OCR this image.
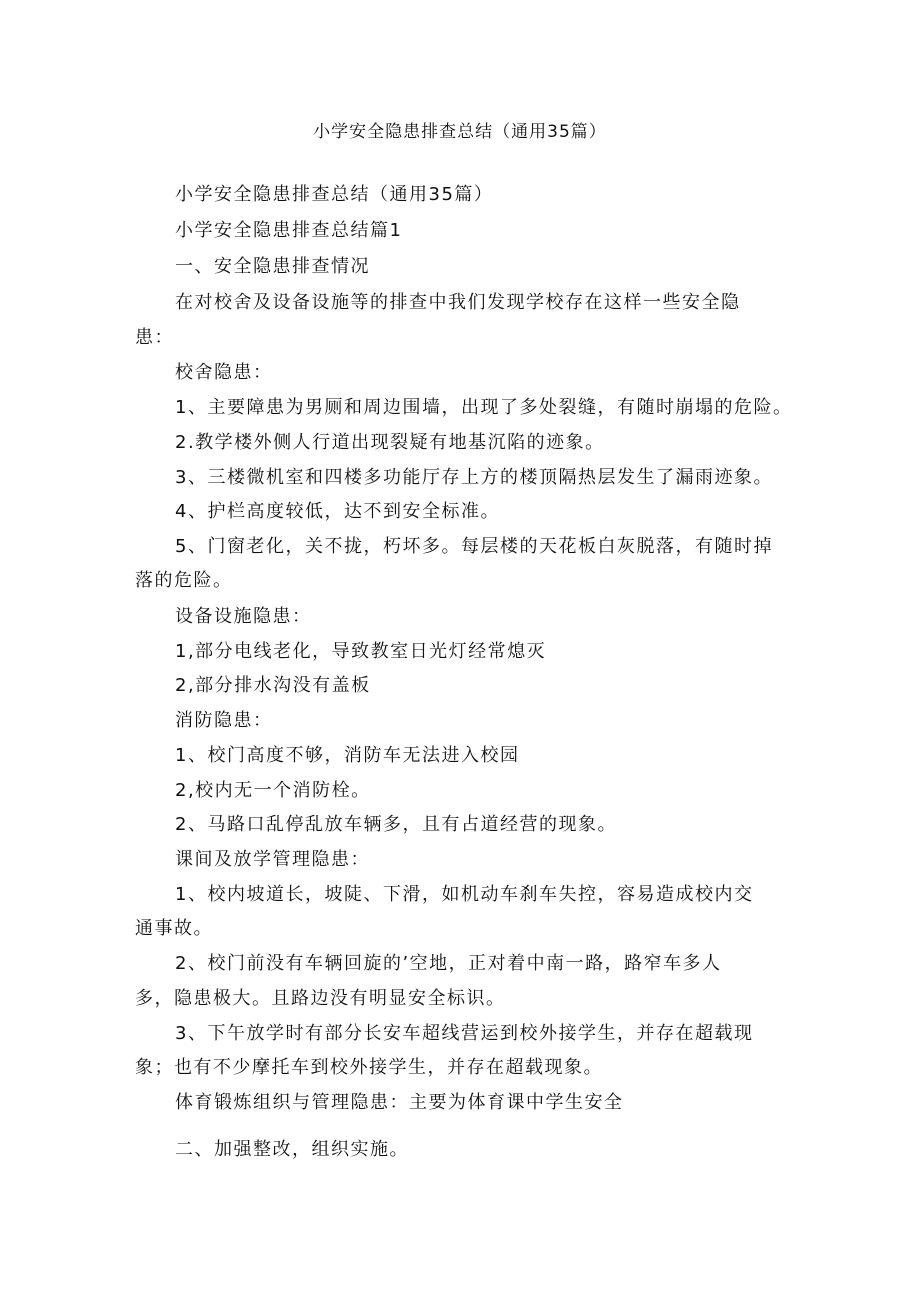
小学安全隐患排查总结（通用35篇）
小学安全隐患排查总结（通用35篇）
小学安全隐患排查总结篇1
一、安全隐患排查情况
在对校舍及设备设施等的排查中我们发现学校存在这样一些安全隐
患：
校舍隐患：
1、主要障患为男厕和周边围墙，出现了多处裂缝，有随时崩塌的危险。
2.教学楼外侧人行道出现裂疑有地基沉陷的迹象。
3、三楼微机室和四楼多功能厅存上方的楼顶隔热层发生了漏雨迹象。
4、护栏高度较低，达不到安全标准。
5、门窗老化，关不拢，朽坏多。每层楼的天花板白灰脱落，有随时掉
落的危险。
设备设施隐患：
1,部分电线老化，导致教室日光灯经常熄灭
2,部分排水沟没有盖板
消防隐患：
1、校门高度不够，消防车无法进入校园
2,校内无一个消防栓。
2、马路口乱停乱放车辆多，且有占道经营的现象。
课间及放学管理隐患：
1、校内坡道长，坡陡、下滑，如机动车刹车失控，容易造成校内交
通事故。
2、校门前没有车辆回旋的’空地，正对着中南一路，路窄车多人
多，隐患极大。且路边没有明显安全标识。
3、下午放学时有部分长安车超线营运到校外接学生，并存在超载现
象；也有不少摩托车到校外接学生，并存在超载现象。
体育锻炼组织与管理隐患：主要为体育课中学生安全
二、加强整改，组织实施。
